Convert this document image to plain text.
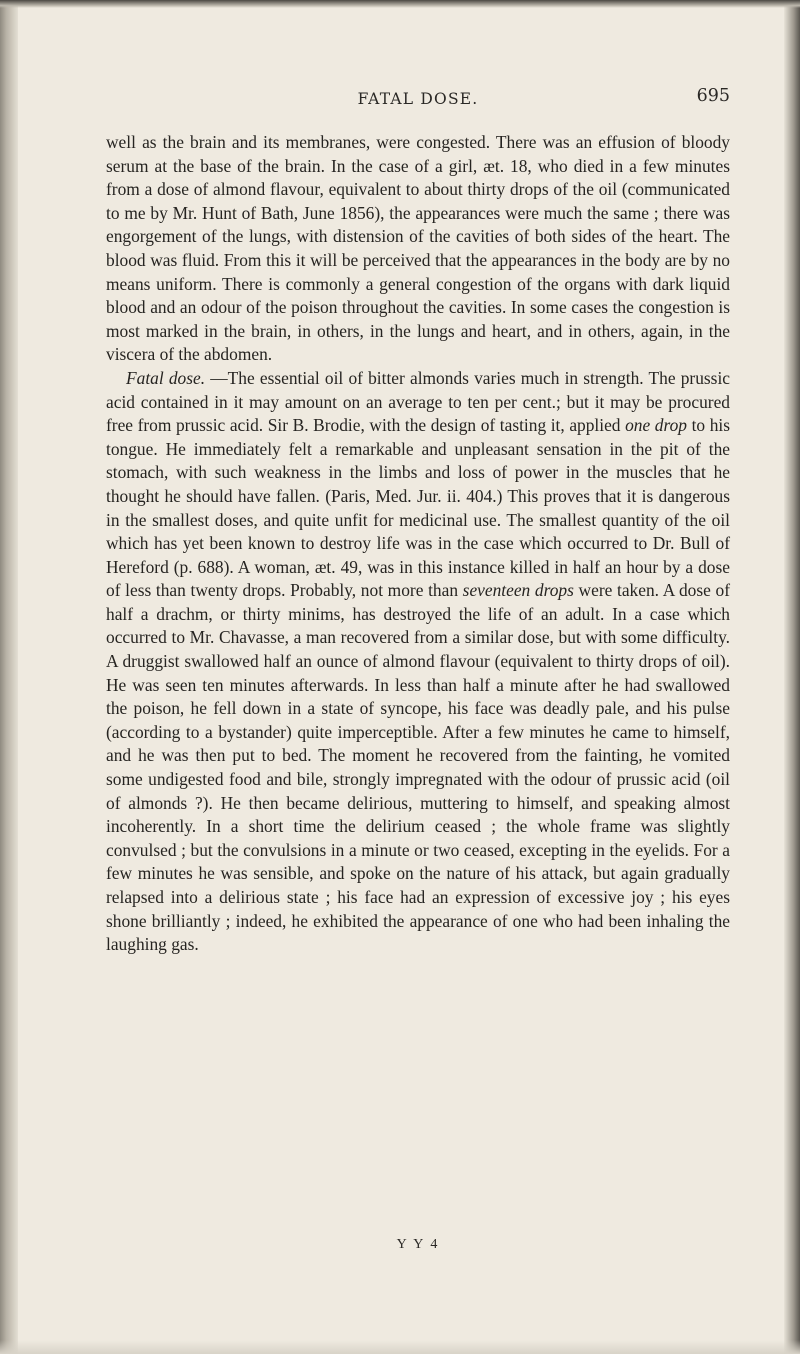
FATAL DOSE.	695
well as the brain and its membranes, were congested. There was an effusion of bloody serum at the base of the brain. In the case of a girl, æt. 18, who died in a few minutes from a dose of almond flavour, equivalent to about thirty drops of the oil (communicated to me by Mr. Hunt of Bath, June 1856), the appearances were much the same ; there was engorgement of the lungs, with distension of the cavities of both sides of the heart. The blood was fluid. From this it will be perceived that the appearances in the body are by no means uniform. There is commonly a general congestion of the organs with dark liquid blood and an odour of the poison throughout the cavities. In some cases the congestion is most marked in the brain, in others, in the lungs and heart, and in others, again, in the viscera of the abdomen.
Fatal dose. —The essential oil of bitter almonds varies much in strength. The prussic acid contained in it may amount on an average to ten per cent.; but it may be procured free from prussic acid. Sir B. Brodie, with the design of tasting it, applied one drop to his tongue. He immediately felt a remarkable and unpleasant sensation in the pit of the stomach, with such weakness in the limbs and loss of power in the muscles that he thought he should have fallen. (Paris, Med. Jur. ii. 404.) This proves that it is dangerous in the smallest doses, and quite unfit for medicinal use. The smallest quantity of the oil which has yet been known to destroy life was in the case which occurred to Dr. Bull of Hereford (p. 688). A woman, æt. 49, was in this instance killed in half an hour by a dose of less than twenty drops. Probably, not more than seventeen drops were taken. A dose of half a drachm, or thirty minims, has destroyed the life of an adult. In a case which occurred to Mr. Chavasse, a man recovered from a similar dose, but with some difficulty. A druggist swallowed half an ounce of almond flavour (equivalent to thirty drops of oil). He was seen ten minutes afterwards. In less than half a minute after he had swallowed the poison, he fell down in a state of syncope, his face was deadly pale, and his pulse (according to a bystander) quite imperceptible. After a few minutes he came to himself, and he was then put to bed. The moment he recovered from the fainting, he vomited some undigested food and bile, strongly impregnated with the odour of prussic acid (oil of almonds ?). He then became delirious, muttering to himself, and speaking almost incoherently. In a short time the delirium ceased ; the whole frame was slightly convulsed ; but the convulsions in a minute or two ceased, excepting in the eyelids. For a few minutes he was sensible, and spoke on the nature of his attack, but again gradually relapsed into a delirious state ; his face had an expression of excessive joy ; his eyes shone brilliantly ; indeed, he exhibited the appearance of one who had been inhaling the laughing gas.
Y Y 4
